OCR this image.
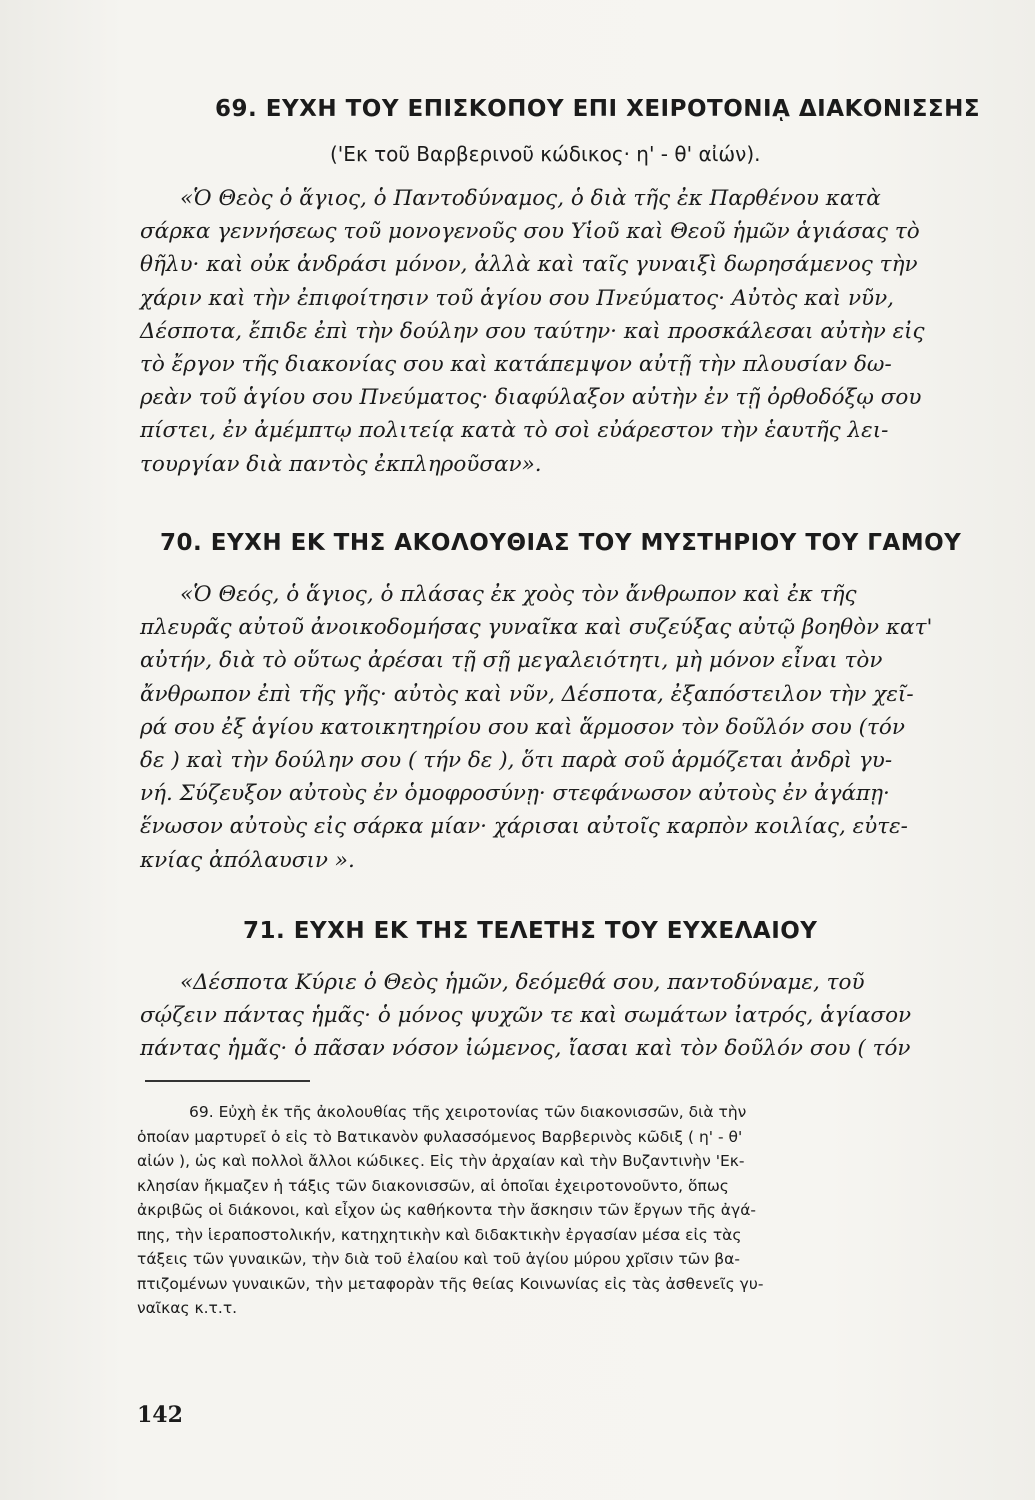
69. ΕΥΧΗ ΤΟΥ ΕΠΙΣΚΟΠΟΥ ΕΠΙ ΧΕΙΡΟΤΟΝΙᾼ ΔΙΑΚΟΝΙΣΣΗΣ
('Εκ τοῦ Βαρβερινοῦ κώδικος· η' - θ' αἰών).
«Ὁ Θεὸς ὁ ἅγιος, ὁ Παντοδύναμος, ὁ διὰ τῆς ἐκ Παρθένου κατὰ
σάρκα γεννήσεως τοῦ μονογενοῦς σου Υἱοῦ καὶ Θεοῦ ἡμῶν ἁγιάσας τὸ
θῆλυ· καὶ οὐκ ἀνδράσι μόνον, ἀλλὰ καὶ ταῖς γυναιξὶ δωρησάμενος τὴν
χάριν καὶ τὴν ἐπιφοίτησιν τοῦ ἁγίου σου Πνεύματος· Αὐτὸς καὶ νῦν,
Δέσποτα, ἔπιδε ἐπὶ τὴν δούλην σου ταύτην· καὶ προσκάλεσαι αὐτὴν εἰς
τὸ ἔργον τῆς διακονίας σου καὶ κατάπεμψον αὐτῇ τὴν πλουσίαν δω-
ρεὰν τοῦ ἁγίου σου Πνεύματος· διαφύλαξον αὐτὴν ἐν τῇ ὀρθοδόξῳ σου
πίστει, ἐν ἀμέμπτῳ πολιτείᾳ κατὰ τὸ σοὶ εὐάρεστον τὴν ἑαυτῆς λει-
τουργίαν διὰ παντὸς ἐκπληροῦσαν».
70. ΕΥΧΗ ΕΚ ΤΗΣ ΑΚΟΛΟΥΘΙΑΣ ΤΟΥ ΜΥΣΤΗΡΙΟΥ ΤΟΥ ΓΑΜΟΥ
«Ὁ Θεός, ὁ ἅγιος, ὁ πλάσας ἐκ χοὸς τὸν ἄνθρωπον καὶ ἐκ τῆς
πλευρᾶς αὐτοῦ ἀνοικοδομήσας γυναῖκα καὶ συζεύξας αὐτῷ βοηθὸν κατ'
αὐτήν, διὰ τὸ οὕτως ἀρέσαι τῇ σῇ μεγαλειότητι, μὴ μόνον εἶναι τὸν
ἄνθρωπον ἐπὶ τῆς γῆς· αὐτὸς καὶ νῦν, Δέσποτα, ἐξαπόστειλον τὴν χεῖ-
ρά σου ἐξ ἁγίου κατοικητηρίου σου καὶ ἅρμοσον τὸν δοῦλόν σου (τόν
δε ) καὶ τὴν δούλην σου ( τήν δε ), ὅτι παρὰ σοῦ ἁρμόζεται ἀνδρὶ γυ-
νή. Σύζευξον αὐτοὺς ἐν ὁμοφροσύνῃ· στεφάνωσον αὐτοὺς ἐν ἀγάπῃ·
ἕνωσον αὐτοὺς εἰς σάρκα μίαν· χάρισαι αὐτοῖς καρπὸν κοιλίας, εὐτε-
κνίας ἀπόλαυσιν ».
71. ΕΥΧΗ ΕΚ ΤΗΣ ΤΕΛΕΤΗΣ ΤΟΥ ΕΥΧΕΛΑΙΟΥ
«Δέσποτα Κύριε ὁ Θεὸς ἡμῶν, δεόμεθά σου, παντοδύναμε, τοῦ
σῴζειν πάντας ἡμᾶς· ὁ μόνος ψυχῶν τε καὶ σωμάτων ἰατρός, ἁγίασον
πάντας ἡμᾶς· ὁ πᾶσαν νόσον ἰώμενος, ἴασαι καὶ τὸν δοῦλόν σου ( τόν
69. Εὐχὴ ἐκ τῆς ἀκολουθίας τῆς χειροτονίας τῶν διακονισσῶν, διὰ τὴν
ὁποίαν μαρτυρεῖ ὁ εἰς τὸ Βατικανὸν φυλασσόμενος Βαρβερινὸς κῶδιξ ( η' - θ'
αἰών ), ὡς καὶ πολλοὶ ἄλλοι κώδικες. Εἰς τὴν ἀρχαίαν καὶ τὴν Βυζαντινὴν 'Εκ-
κλησίαν ἤκμαζεν ἡ τάξις τῶν διακονισσῶν, αἱ ὁποῖαι ἐχειροτονοῦντο, ὅπως
ἀκριβῶς οἱ διάκονοι, καὶ εἶχον ὡς καθήκοντα τὴν ἄσκησιν τῶν ἔργων τῆς ἀγά-
πης, τὴν ἱεραποστολικήν, κατηχητικὴν καὶ διδακτικὴν ἐργασίαν μέσα εἰς τὰς
τάξεις τῶν γυναικῶν, τὴν διὰ τοῦ ἐλαίου καὶ τοῦ ἁγίου μύρου χρῖσιν τῶν βα-
πτιζομένων γυναικῶν, τὴν μεταφορὰν τῆς θείας Κοινωνίας εἰς τὰς ἀσθενεῖς γυ-
ναῖκας κ.τ.τ.
142
